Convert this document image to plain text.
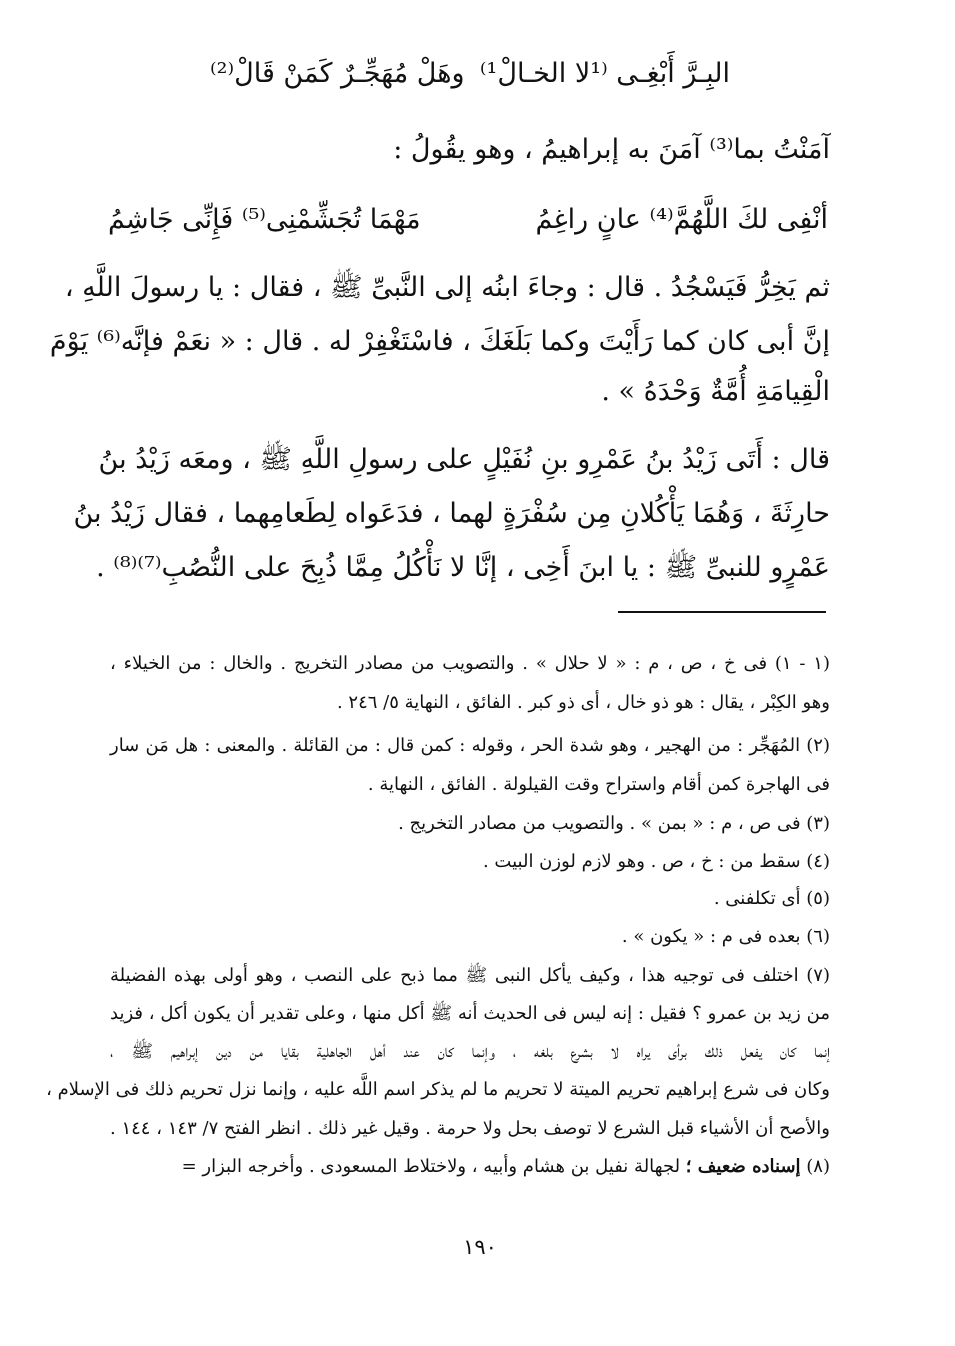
البِـرَّ أَبْغِـى ⁽¹لا الخـالْ¹⁾
وهَلْ مُهَجِّـرٌ كَمَنْ قَالْ⁽²⁾
آمَنْتُ بما⁽³⁾ آمَنَ به إبراهيمُ ، وهو يقُولُ :
أنْفِى لكَ اللَّهُمَّ⁽⁴⁾ عانٍ راغِمُ
مَهْمَا تُجَشِّمْنِى⁽⁵⁾ فَإِنِّى جَاشِمُ
ثم يَخِرُّ فَيَسْجُدُ . قال : وجاءَ ابنُه إلى النَّبىِّ ﷺ ، فقال : يا رسولَ اللَّهِ ،
إنَّ أبى كان كما رَأَيْتَ وكما بَلَغَكَ ، فاسْتَغْفِرْ له . قال : « نعَمْ فإنَّه⁽⁶⁾ يَوْمَ
الْقِيامَةِ أُمَّةٌ وَحْدَهُ » .
قال : أَتَى زَيْدُ بنُ عَمْرِو بنِ نُفَيْلٍ على رسولِ اللَّهِ ﷺ ، ومعَه زَيْدُ بنُ
حارِثَةَ ، وَهُمَا يَأْكُلانِ مِن سُفْرَةٍ لهما ، فدَعَواه لِطَعامِهما ، فقال زَيْدُ بنُ
عَمْرٍو للنبىِّ ﷺ : يا ابنَ أَخِى ، إنَّا لا نَأْكُلُ مِمَّا ذُبِحَ على النُّصُبِ⁽⁷⁾⁽⁸⁾ .
(١ - ١) فى خ ، ص ، م : « لا حلال » . والتصويب من مصادر التخريج . والخال : من الخيلاء ،
وهو الكِبْر ، يقال : هو ذو خال ، أى ذو كبر . الفائق ، النهاية ٥/ ٢٤٦ .
(٢) المُهَجِّر : من الهجير ، وهو شدة الحر ، وقوله : كمن قال : من القائلة . والمعنى : هل مَن سار
فى الهاجرة كمن أقام واستراح وقت القيلولة . الفائق ، النهاية .
(٣) فى ص ، م : « بمن » . والتصويب من مصادر التخريج .
(٤) سقط من : خ ، ص . وهو لازم لوزن البيت .
(٥) أى تكلفنى .
(٦) بعده فى م : « يكون » .
(٧) اختلف فى توجيه هذا ، وكيف يأكل النبى ﷺ مما ذبح على النصب ، وهو أولى بهذه الفضيلة
من زيد بن عمرو ؟ فقيل : إنه ليس فى الحديث أنه ﷺ أكل منها ، وعلى تقدير أن يكون أكل ، فزيد
إنما كان يفعل ذلك برأى يراه لا بشرع بلغه ، وإنما كان عند أهل الجاهلية بقايا من دين إبراهيم ﷺ ،
وكان فى شرع إبراهيم تحريم الميتة لا تحريم ما لم يذكر اسم اللَّه عليه ، وإنما نزل تحريم ذلك فى الإسلام ،
والأصح أن الأشياء قبل الشرع لا توصف بحل ولا حرمة . وقيل غير ذلك . انظر الفتح ٧/ ١٤٣ ، ١٤٤ .
(٨) إسناده ضعيف ؛ لجهالة نفيل بن هشام وأبيه ، ولاختلاط المسعودى . وأخرجه البزار =
١٩٠
